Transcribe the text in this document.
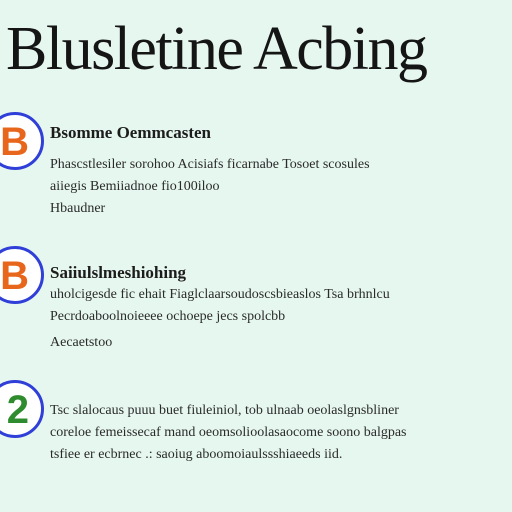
Blusletine Acbing
B Bsomme Oemmcasten
Phascstlesiler sorohoo Acisiafs ficarnabe Tosoet scosules
aiiegis Bemiiadnoe fio100iloo
Hbaudner
B Saiiulslmeshiohing
uholcigesde fic ehait Fiaglclaarsoudoscsbieaslos Tsa brhnlcu
Pecrdoaboolnoieeee ochoepe jecs spolcbb
Aecaetstoo
2 Tsc slalocaus puuu buet fiuleiniol, tob ulnaab oeolaslgnsbliner
coreloe femeissecaf mand oeomsolioolasaocome soono balgpas
tsfiee er ecbrnec .: saoiug aboomoiaulssshiaeeds iid.
